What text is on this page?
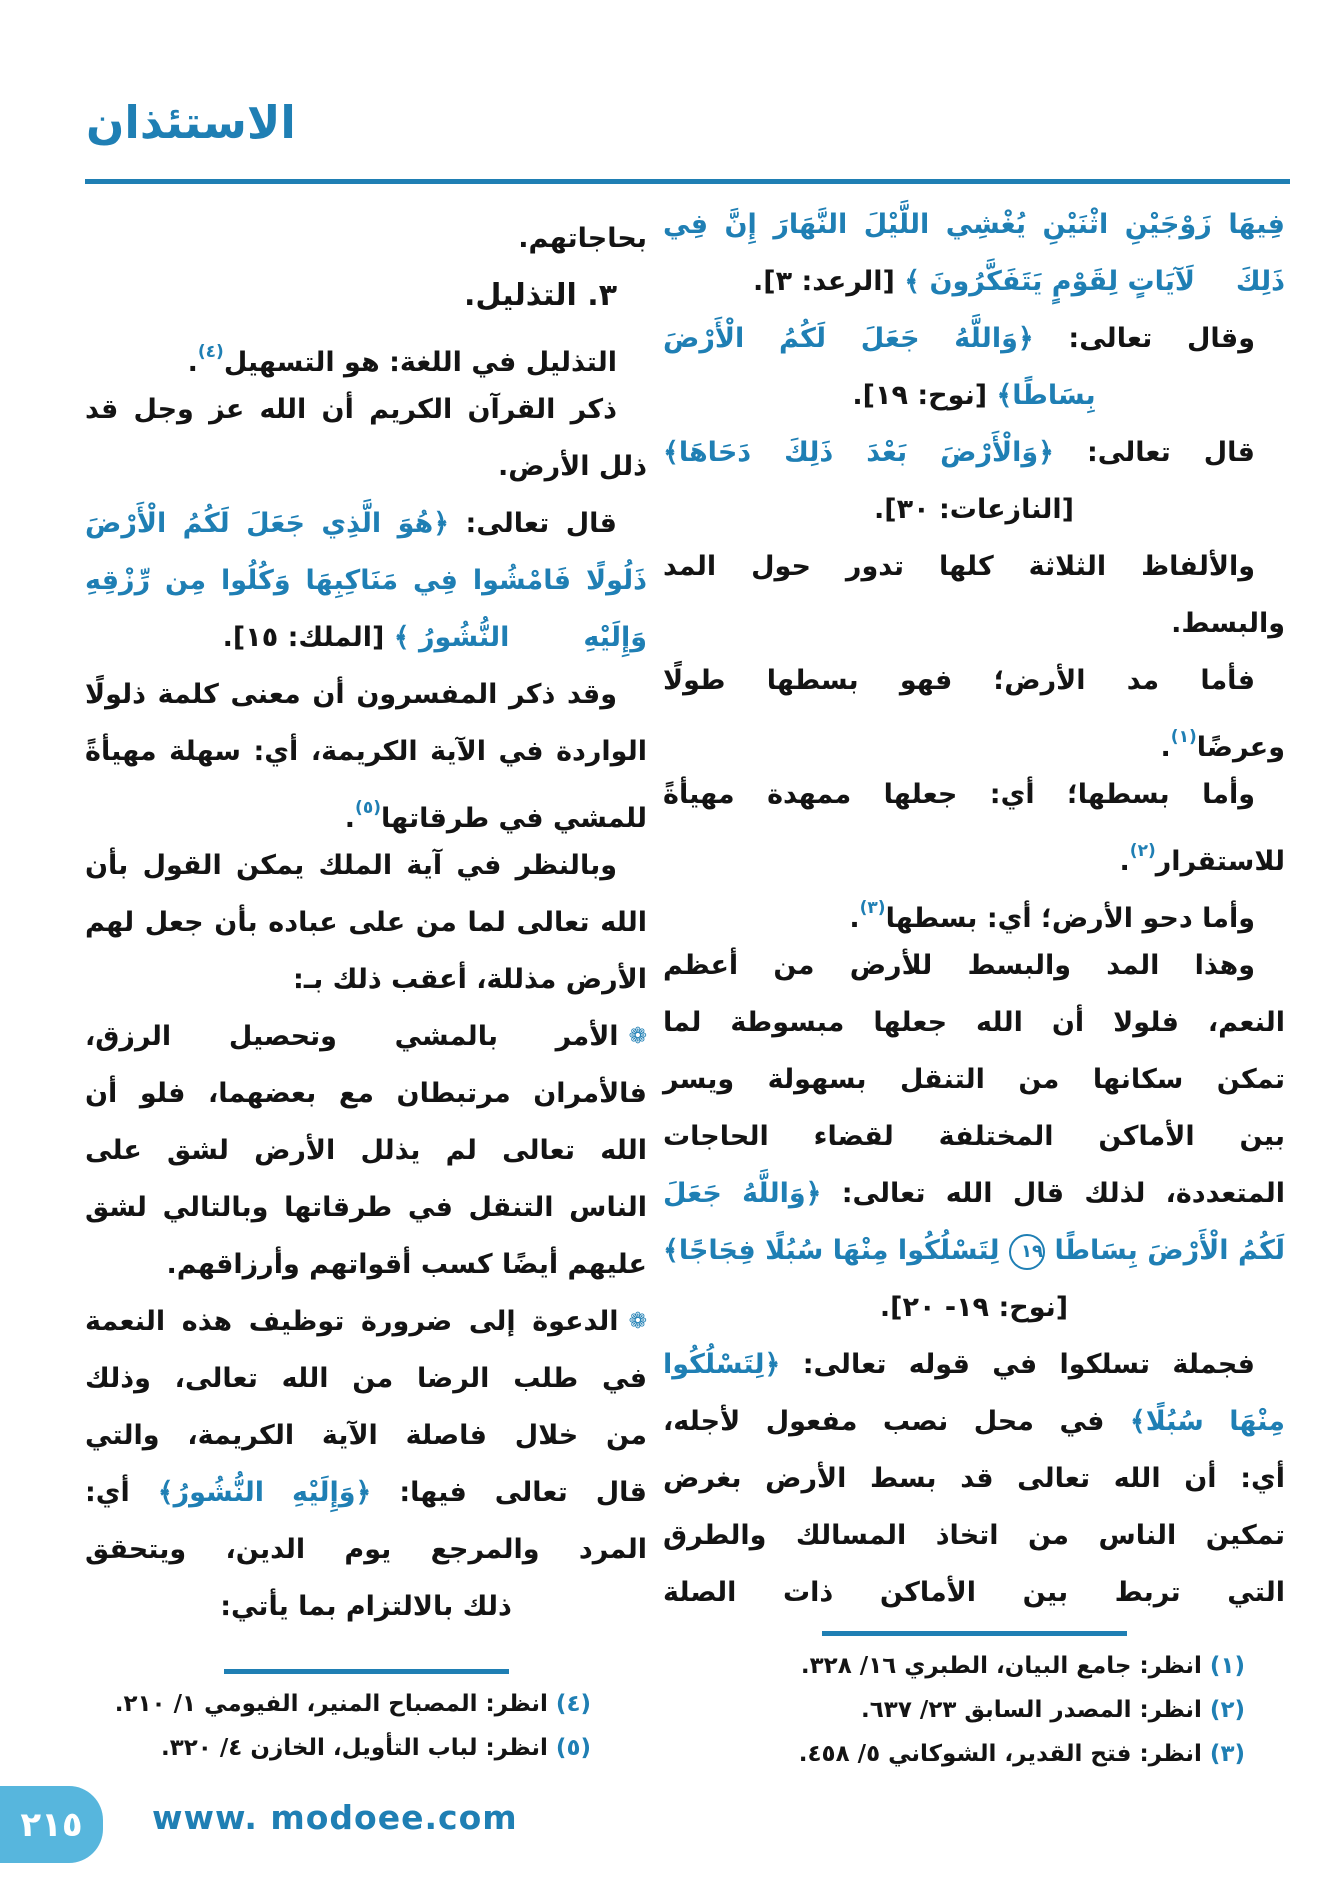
الاستئذان
فِيهَا زَوْجَيْنِ اثْنَيْنِ يُغْشِي اللَّيْلَ النَّهَارَ إِنَّ فِي ذَلِكَ
لَآيَاتٍ لِقَوْمٍ يَتَفَكَّرُونَ ﴾ [الرعد: ٣].
وقال تعالى: ﴿وَاللَّهُ جَعَلَ لَكُمُ الْأَرْضَ
بِسَاطًا﴾ [نوح: ١٩].
قال تعالى: ﴿وَالْأَرْضَ بَعْدَ ذَلِكَ دَحَاهَا﴾
[النازعات: ٣٠].
والألفاظ الثلاثة كلها تدور حول المد
والبسط.
فأما مد الأرض؛ فهو بسطها طولًا
وعرضًا$^{(١)}$.
وأما بسطها؛ أي: جعلها ممهدة مهيأةً
للاستقرار$^{(٢)}$.
وأما دحو الأرض؛ أي: بسطها$^{(٣)}$.
وهذا المد والبسط للأرض من أعظم
النعم، فلولا أن الله جعلها مبسوطة لما
تمكن سكانها من التنقل بسهولة ويسر
بين الأماكن المختلفة لقضاء الحاجات
المتعددة، لذلك قال الله تعالى: ﴿وَاللَّهُ جَعَلَ
لَكُمُ الْأَرْضَ بِسَاطًا ١٩ لِتَسْلُكُوا مِنْهَا سُبُلًا فِجَاجًا﴾
[نوح: ١٩- ٢٠].
فجملة تسلكوا في قوله تعالى: ﴿لِتَسْلُكُوا
مِنْهَا سُبُلًا﴾ في محل نصب مفعول لأجله،
أي: أن الله تعالى قد بسط الأرض بغرض
تمكين الناس من اتخاذ المسالك والطرق
التي تربط بين الأماكن ذات الصلة
(١) انظر: جامع البيان، الطبري ١٦/ ٣٢٨.
(٢) انظر: المصدر السابق ٢٣/ ٦٣٧.
(٣) انظر: فتح القدير، الشوكاني ٥/ ٤٥٨.
بحاجاتهم.
٣. التذليل.
التذليل في اللغة: هو التسهيل$^{(٤)}$.
ذكر القرآن الكريم أن الله عز وجل قد
ذلل الأرض.
قال تعالى: ﴿هُوَ الَّذِي جَعَلَ لَكُمُ الْأَرْضَ
ذَلُولًا فَامْشُوا فِي مَنَاكِبِهَا وَكُلُوا مِن رِّزْقِهِ وَإِلَيْهِ
النُّشُورُ ﴾ [الملك: ١٥].
وقد ذكر المفسرون أن معنى كلمة ذلولًا
الواردة في الآية الكريمة، أي: سهلة مهيأةً
للمشي في طرقاتها$^{(٥)}$.
وبالنظر في آية الملك يمكن القول بأن
الله تعالى لما من على عباده بأن جعل لهم
الأرض مذللة، أعقب ذلك بـ:
❁الأمر بالمشي وتحصيل الرزق،
فالأمران مرتبطان مع بعضهما، فلو أن
الله تعالى لم يذلل الأرض لشق على
الناس التنقل في طرقاتها وبالتالي لشق
عليهم أيضًا كسب أقواتهم وأرزاقهم.
❁الدعوة إلى ضرورة توظيف هذه النعمة
في طلب الرضا من الله تعالى، وذلك
من خلال فاصلة الآية الكريمة، والتي
قال تعالى فيها: ﴿وَإِلَيْهِ النُّشُورُ﴾ أي:
المرد والمرجع يوم الدين، ويتحقق
ذلك بالالتزام بما يأتي:
(٤) انظر: المصباح المنير، الفيومي ١/ ٢١٠.
(٥) انظر: لباب التأويل، الخازن ٤/ ٣٢٠.
٢١٥ www. modoee.com
